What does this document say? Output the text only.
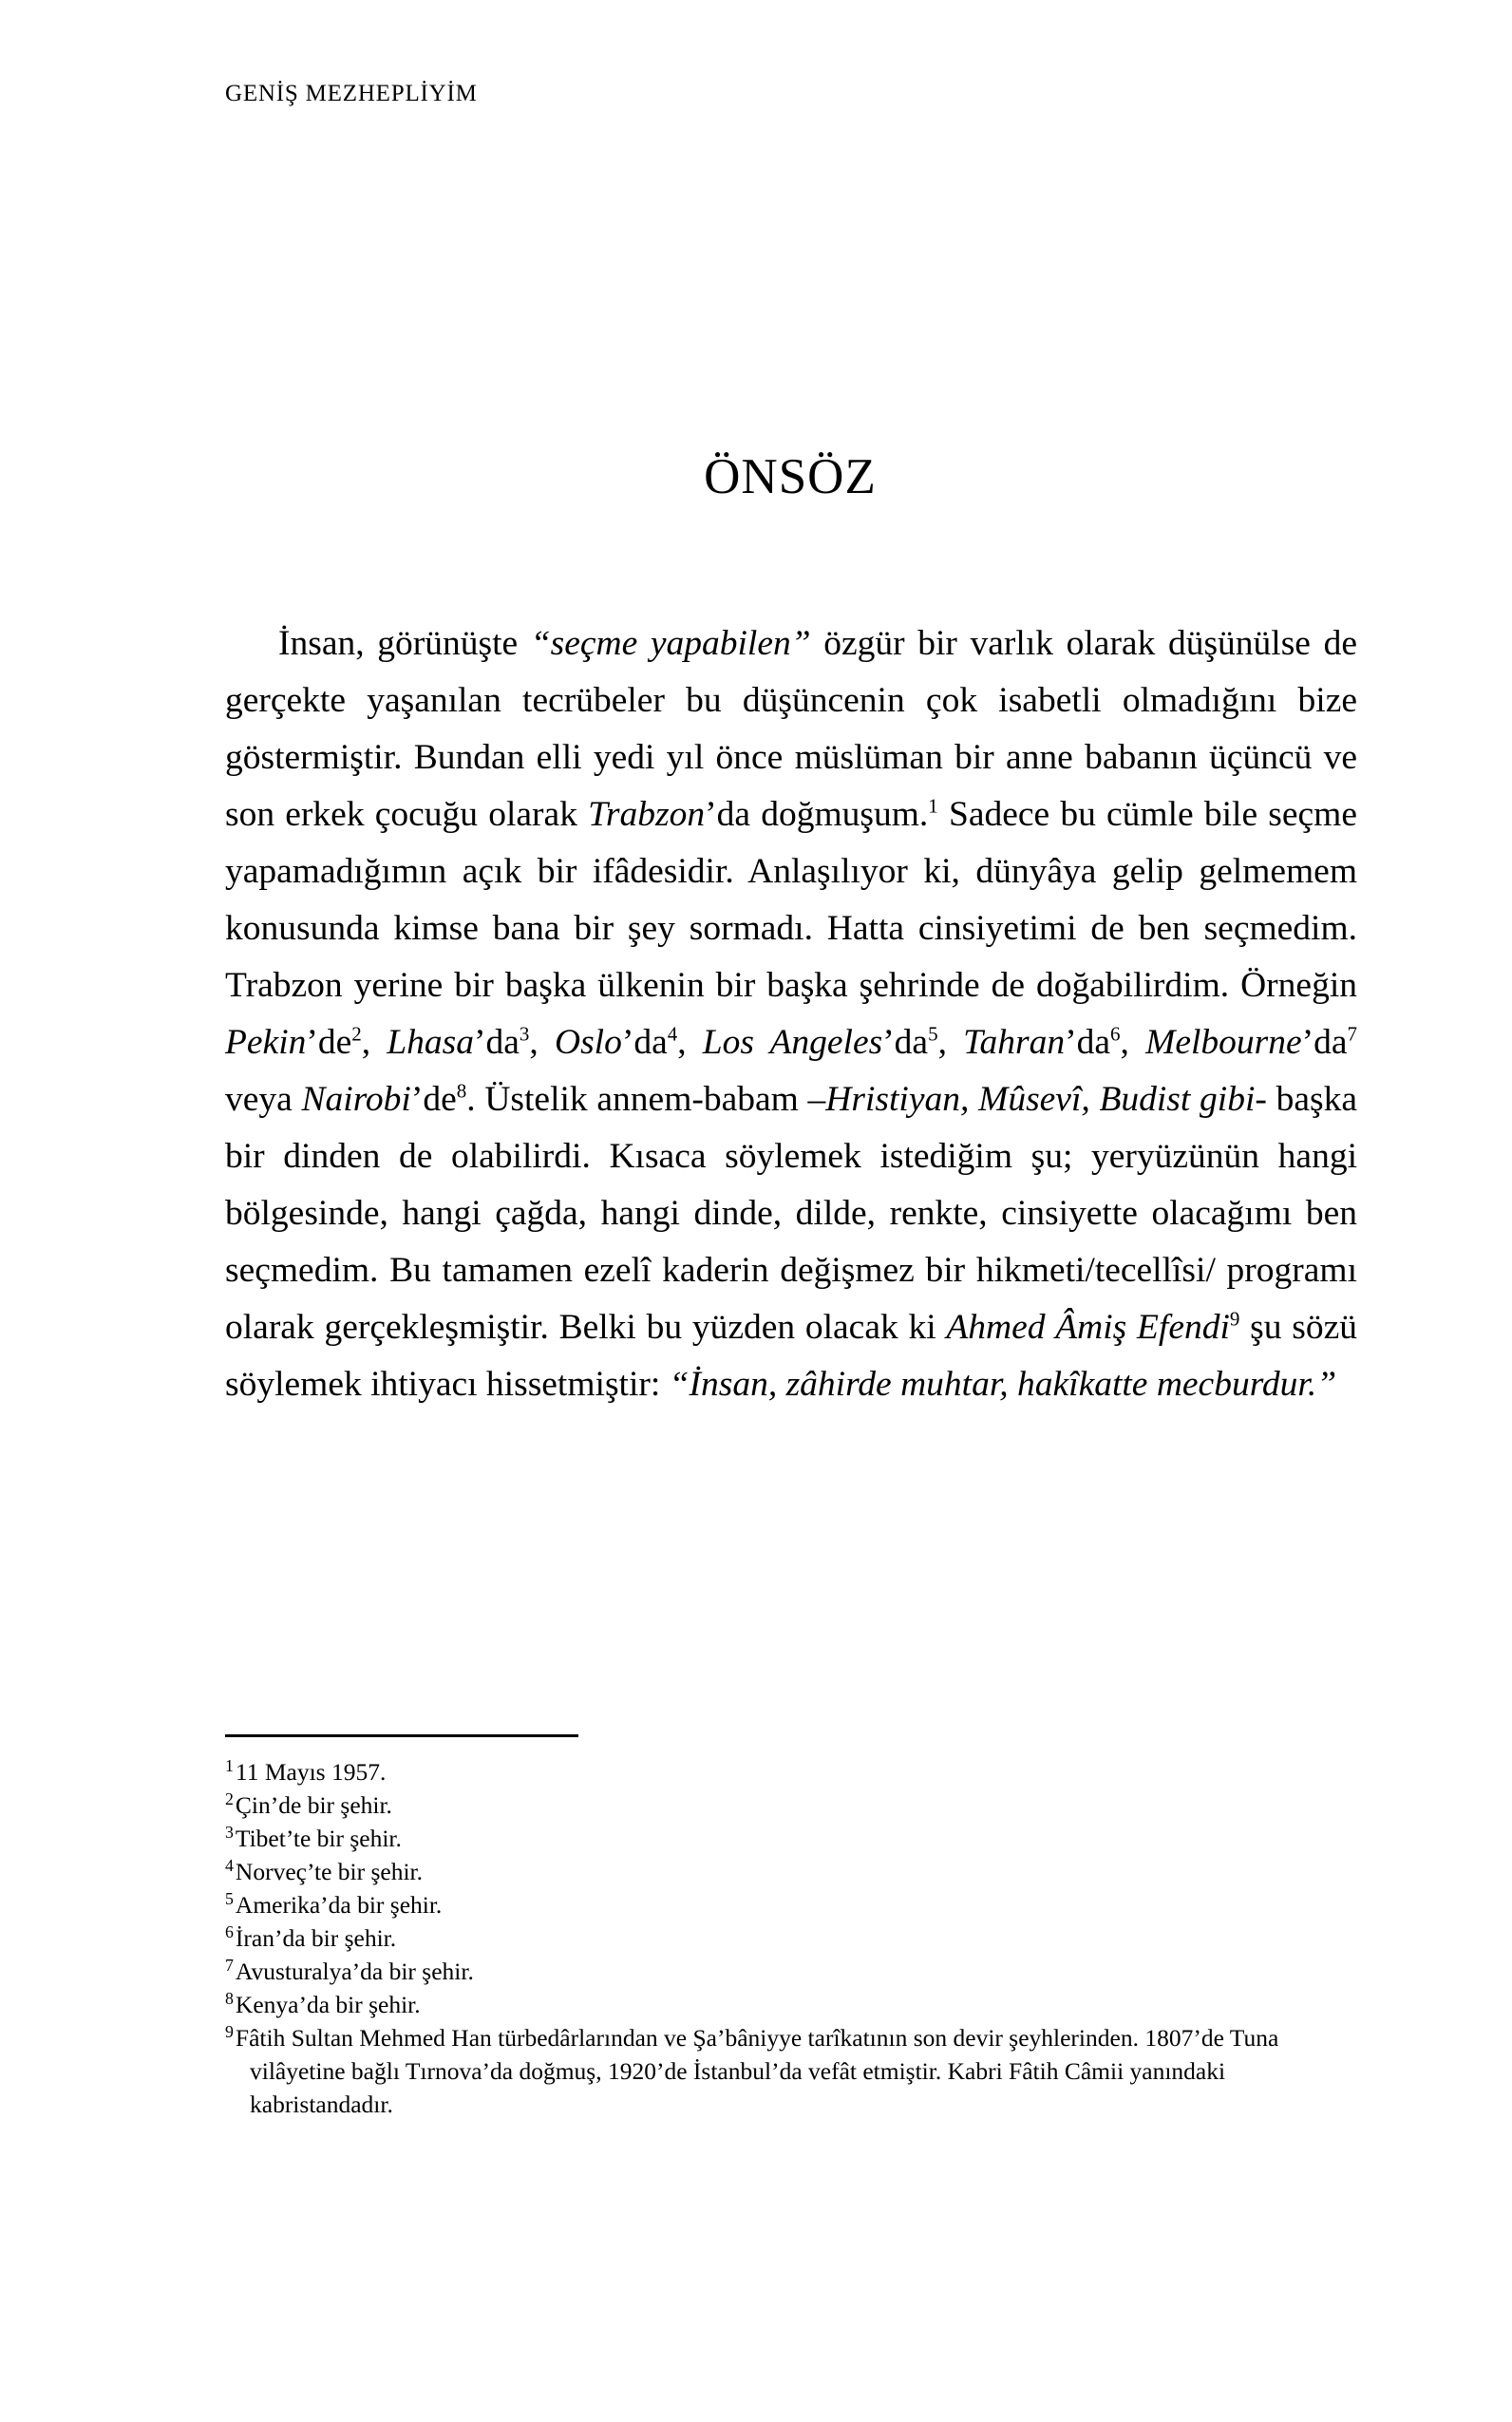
GENİŞ MEZHEPLİYİM
ÖNSÖZ

İnsan, görünüşte “seçme yapabilen” özgür bir varlık olarak düşünülse de gerçekte yaşanılan tecrübeler bu düşüncenin çok isabetli olmadığını bize göstermiştir. Bundan elli yedi yıl önce müslüman bir anne babanın üçüncü ve son erkek çocuğu olarak Trabzon’da doğmuşum.$^1$ Sadece bu cümle bile seçme yapamadığımın açık bir ifâdesidir. Anlaşılıyor ki, dünyâya gelip gelmemem konusunda kimse bana bir şey sormadı. Hatta cinsiyetimi de ben seçmedim. Trabzon yerine bir başka ülkenin bir başka şehrinde de doğabilirdim. Örneğin $Pekin’de^2$, $Lhasa’da^3$, $Oslo’da^4$, Los $Angeles’da^5$, $Tahran’da^6$, $Melbourne’da^7$ veya $Nairobi’de^8$. Üstelik annem-babam –Hristiyan, Mûsevî, Budist gibi- başka bir dinden de olabilirdi. Kısaca söylemek istediğim şu; yeryüzünün hangi bölgesinde, hangi çağda, hangi dinde, dilde, renkte, cinsiyette olacağımı ben seçmedim. Bu tamamen ezelî kaderin değişmez bir hikmeti/tecellîsi/ programı olarak gerçekleşmiştir. Belki bu yüzden olacak ki Ahmed Âmiş Efendi$^9$ şu sözü söylemek ihtiyacı hissetmiştir: “İnsan, zâhirde muhtar, hakîkatte mecburdur.”

$^1$11 Mayıs 1957.

$^2$Çin’de bir şehir.

$^3$Tibet’te bir şehir.

$^4$Norveç’te bir şehir.

$^5$Amerika’da bir şehir.

$^6$İran’da bir şehir.

$^7$Avusturalya’da bir şehir.

$^8$Kenya’da bir şehir.

$^9$Fâtih Sultan Mehmed Han türbedârlarından ve Şa’bâniyye tarîkatının son devir şeyhlerinden. 1807’de Tuna vilâyetine bağlı Tırnova’da doğmuş, 1920’de İstanbul’da vefât etmiştir. Kabri Fâtih Câmii yanındaki kabristandadır.
